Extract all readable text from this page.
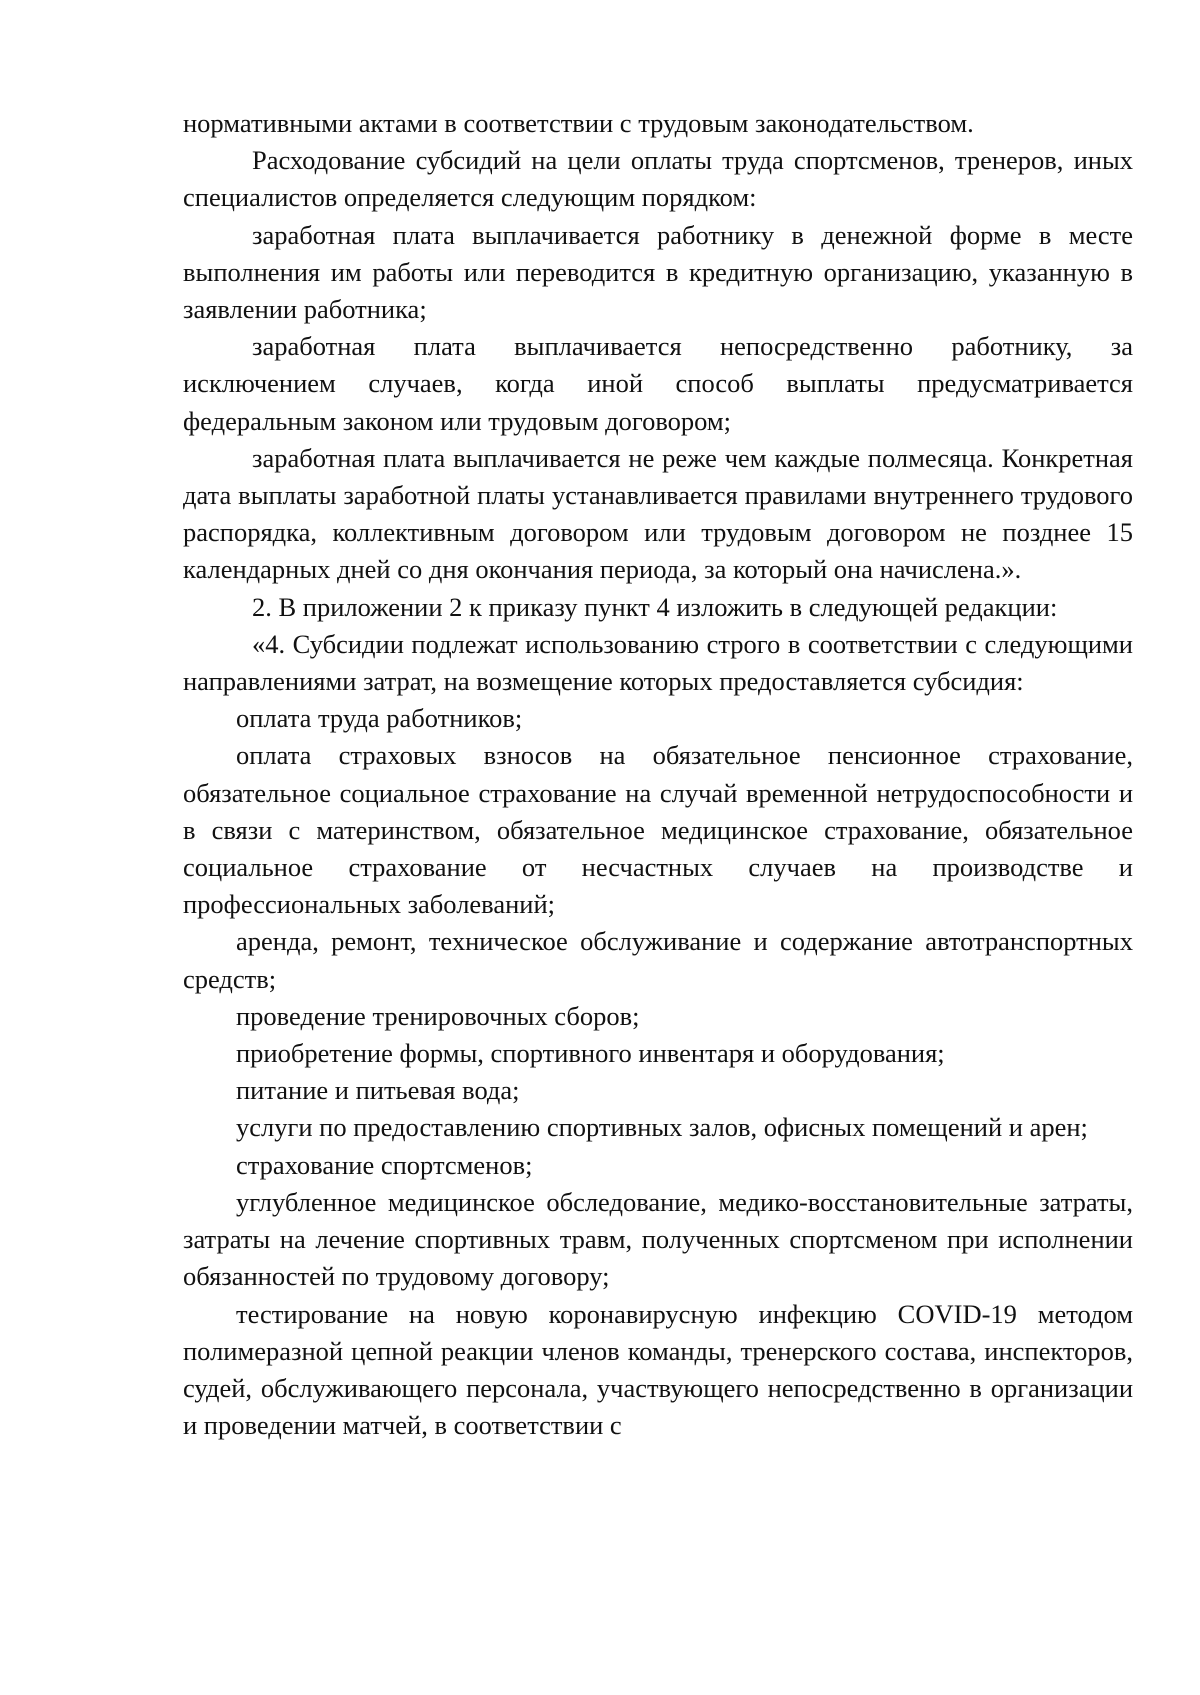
нормативными актами в соответствии с трудовым законодательством.

Расходование субсидий на цели оплаты труда спортсменов, тренеров, иных специалистов определяется следующим порядком:

заработная плата выплачивается работнику в денежной форме в месте выполнения им работы или переводится в кредитную организацию, указанную в заявлении работника;

заработная плата выплачивается непосредственно работнику, за исключением случаев, когда иной способ выплаты предусматривается федеральным законом или трудовым договором;

заработная плата выплачивается не реже чем каждые полмесяца. Конкретная дата выплаты заработной платы устанавливается правилами внутреннего трудового распорядка, коллективным договором или трудовым договором не позднее 15 календарных дней со дня окончания периода, за который она начислена.».

2. В приложении 2 к приказу пункт 4 изложить в следующей редакции:

«4. Субсидии подлежат использованию строго в соответствии с следующими направлениями затрат, на возмещение которых предоставляется субсидия:

оплата труда работников;

оплата страховых взносов на обязательное пенсионное страхование, обязательное социальное страхование на случай временной нетрудоспособности и в связи с материнством, обязательное медицинское страхование, обязательное социальное страхование от несчастных случаев на производстве и профессиональных заболеваний;

аренда, ремонт, техническое обслуживание и содержание автотранспортных средств;

проведение тренировочных сборов;

приобретение формы, спортивного инвентаря и оборудования;

питание и питьевая вода;

услуги по предоставлению спортивных залов, офисных помещений и арен;

страхование спортсменов;

углубленное медицинское обследование, медико-восстановительные затраты, затраты на лечение спортивных травм, полученных спортсменом при исполнении обязанностей по трудовому договору;

тестирование на новую коронавирусную инфекцию COVID-19 методом полимеразной цепной реакции членов команды, тренерского состава, инспекторов, судей, обслуживающего персонала, участвующего непосредственно в организации и проведении матчей, в соответствии с
